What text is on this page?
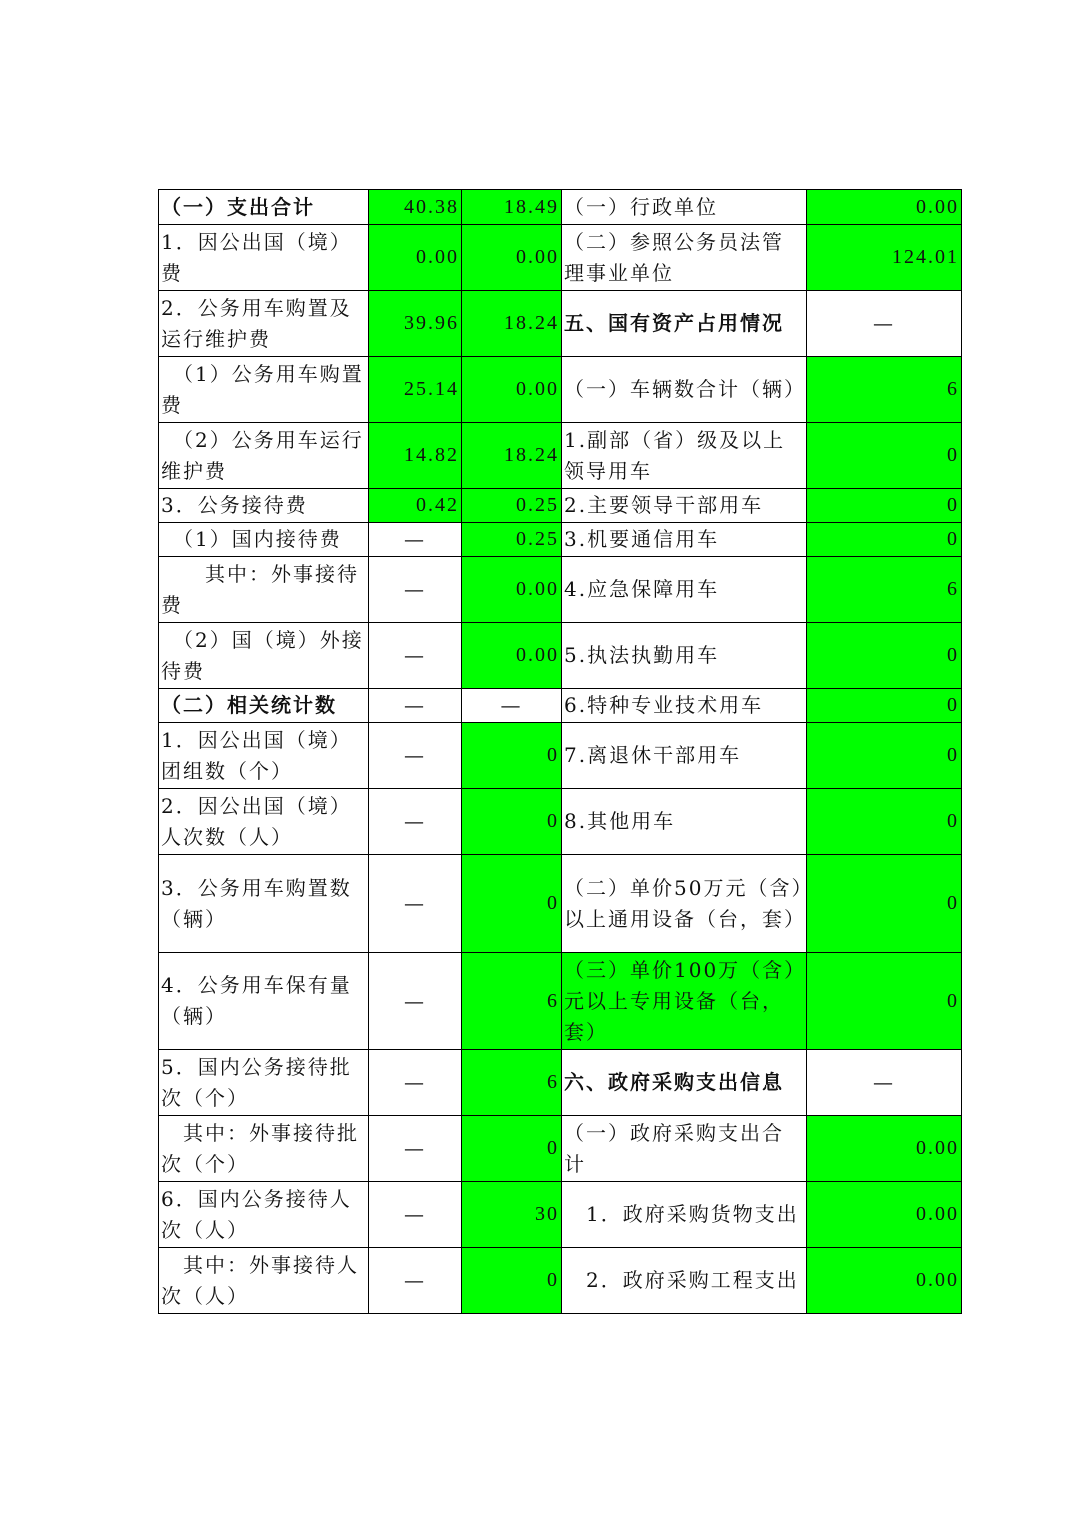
（一）支出合计	40.38	18.49	（一）行政单位	0.00
1．因公出国（境）费	0.00	0.00	（二）参照公务员法管理事业单位	124.01
2．公务用车购置及运行维护费	39.96	18.24	五、国有资产占用情况	—
　（1）公务用车购置费	25.14	0.00	（一）车辆数合计（辆）	6
　（2）公务用车运行维护费	14.82	18.24	1.副部（省）级及以上领导用车	0
3．公务接待费	0.42	0.25	2.主要领导干部用车	0
　（1）国内接待费	—	0.25	3.机要通信用车	0
　　其中：外事接待费	—	0.00	4.应急保障用车	6
　（2）国（境）外接待费	—	0.00	5.执法执勤用车	0
（二）相关统计数	—	—	6.特种专业技术用车	0
1．因公出国（境）团组数（个）	—	0	7.离退休干部用车	0
2．因公出国（境）人次数（人）	—	0	8.其他用车	0
3．公务用车购置数（辆）	—	0	（二）单价50万元（含）以上通用设备（台，套）	0
4．公务用车保有量（辆）	—	6	（三）单价100万（含）元以上专用设备（台，套）	0
5．国内公务接待批次（个）	—	6	六、政府采购支出信息	—
　其中：外事接待批次（个）	—	0	（一）政府采购支出合计	0.00
6．国内公务接待人次（人）	—	30	　1．政府采购货物支出	0.00
　其中：外事接待人次（人）	—	0	　2．政府采购工程支出	0.00
